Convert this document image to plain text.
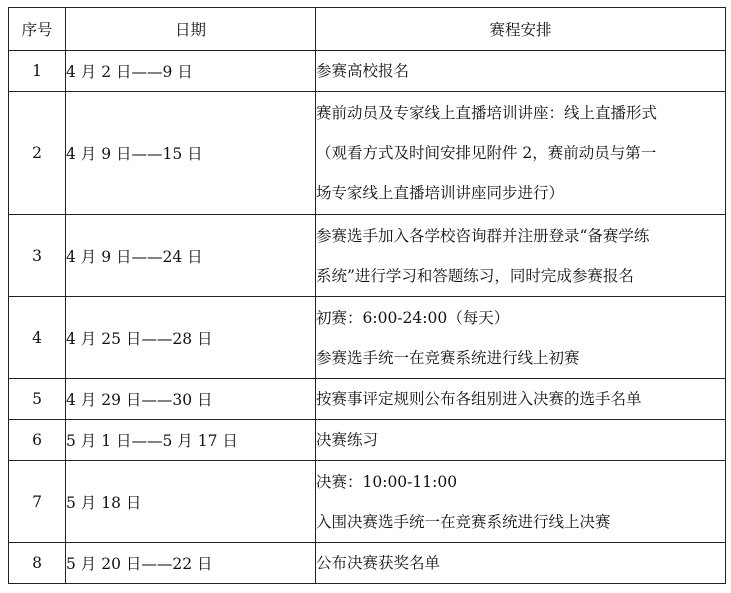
序号	日期	赛程安排
1	4 月 2 日——9 日	参赛高校报名

2	4 月 9 日——15 日	赛前动员及专家线上直播培训讲座：线上直播形式
（观看方式及时间安排见附件 2，赛前动员与第一
场专家线上直播培训讲座同步进行）

3	4 月 9 日——24 日	参赛选手加入各学校咨询群并注册登录“备赛学练
系统”进行学习和答题练习，同时完成参赛报名

4	4 月 25 日——28 日	初赛：6:00-24:00（每天）
参赛选手统一在竞赛系统进行线上初赛

5	4 月 29 日——30 日	按赛事评定规则公布各组别进入决赛的选手名单

6	5 月 1 日——5 月 17 日	决赛练习

7	5 月 18 日	决赛：10:00-11:00
入围决赛选手统一在竞赛系统进行线上决赛

8	5 月 20 日——22 日	公布决赛获奖名单
